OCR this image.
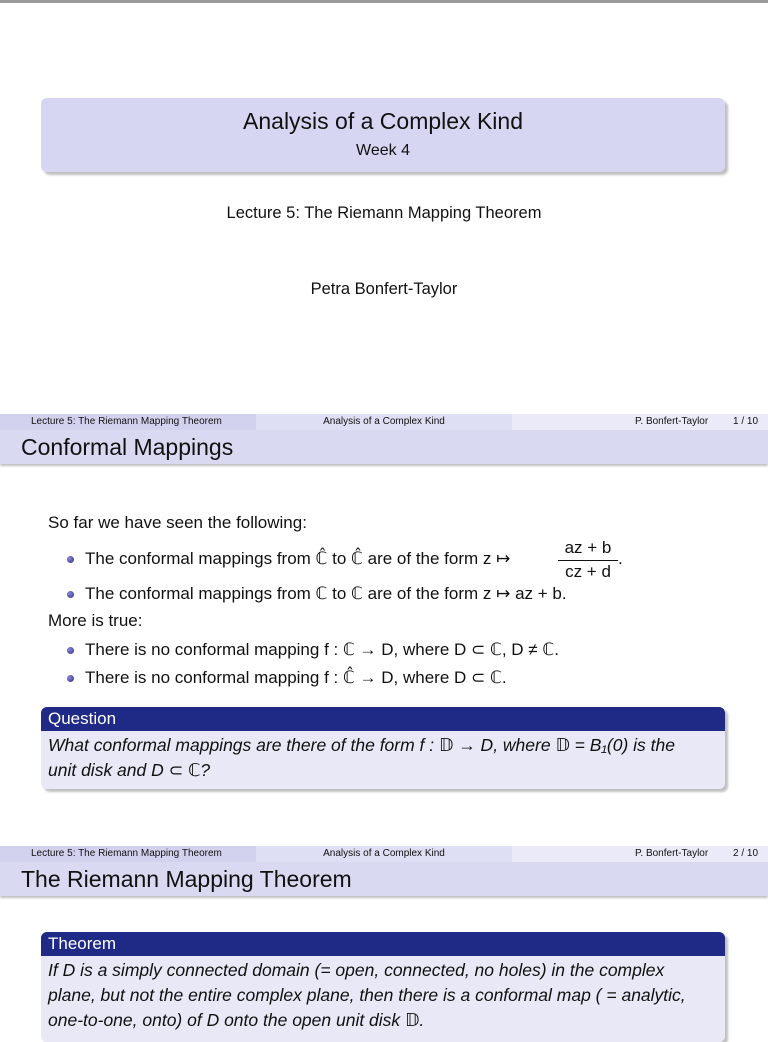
Analysis of a Complex Kind
Week 4
Lecture 5: The Riemann Mapping Theorem
Petra Bonfert-Taylor
Lecture 5: The Riemann Mapping Theorem	Analysis of a Complex Kind	P. Bonfert-Taylor 1 / 10
Conformal Mappings
So far we have seen the following:
The conformal mappings from ℂ̂ to ℂ̂ are of the form z ↦
az + b
cz + d
.
The conformal mappings from ℂ to ℂ are of the form z ↦ az + b.
More is true:
There is no conformal mapping f : ℂ → D, where D ⊂ ℂ, D ≠ ℂ.
There is no conformal mapping f : ℂ̂ → D, where D ⊂ ℂ.
Question
What conformal mappings are there of the form f : 𝔻 → D, where 𝔻 = B₁(0) is the
unit disk and D ⊂ ℂ?
Lecture 5: The Riemann Mapping Theorem	Analysis of a Complex Kind	P. Bonfert-Taylor 2 / 10
The Riemann Mapping Theorem
Theorem
If D is a simply connected domain (= open, connected, no holes) in the complex
plane, but not the entire complex plane, then there is a conformal map ( = analytic,
one-to-one, onto) of D onto the open unit disk 𝔻.
